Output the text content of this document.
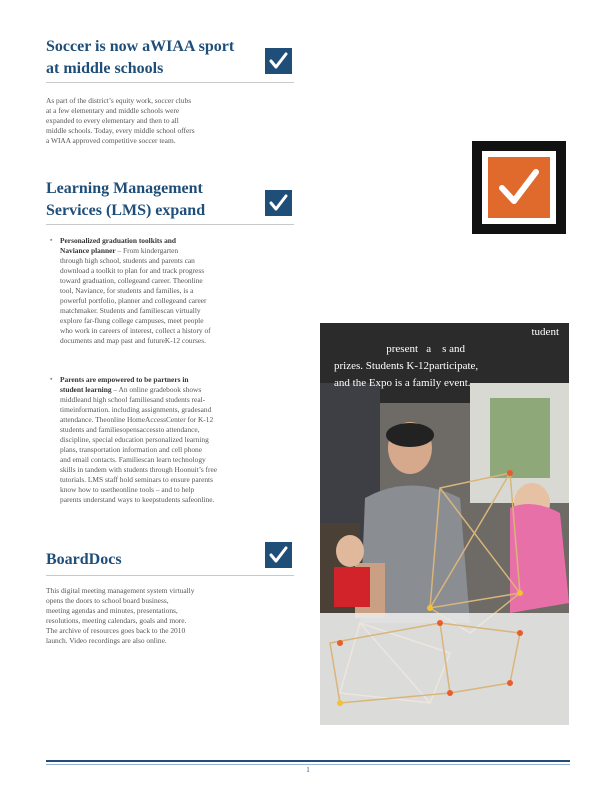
Soccer is now aWIAA sport
at middle schools
As part of the district’s equity work, soccer clubs
at a few elementary and middle schools were
expanded to every elementary and then to all
middle schools. Today, every middle school offers
a WIAA approved competitive soccer team.
Learning Management
Services (LMS) expand
▪	Personalized graduation toolkits and
Naviance planner – From kindergarten
through high school, students and parents can
download a toolkit to plan for and track progress
toward graduation, collegeand career. Theonline
tool, Naviance, for students and families, is a
powerful portfolio, planner and collegeand career
matchmaker. Students and familiescan virtually
explore far-flung college campuses, meet people
who work in careers of interest, collect a history of
documents and map past and futureK-12 courses.
▪	Parents are empowered to be partners in
student learning – An online gradebook shows
middleand high school familiesand students real-
timeinformation. including assignments, gradesand
attendance. Theonline HomeAccessCenter for K-12
students and familiesopensaccessto attendance,
discipline, special education personalized learning
plans, transportation information and cell phone
and email contacts. Familiescan learn technology
skills in tandem with students through Hoonuit’s free
tutorials. LMS staff hold seminars to ensure parents
know how to usetheonline tools – and to help
parents understand ways to keepstudents safeonline.
BoardDocs
This digital meeting management system virtually
opens the doors to school board business,
meeting agendas and minutes, presentations,
resolutions, meeting calendars, goals and more.
The archive of resources goes back to the 2010
launch. Video recordings are also online.
tudent
present   a    s and
prizes. Students K-12participate,
and the Expo is a family event.
1
